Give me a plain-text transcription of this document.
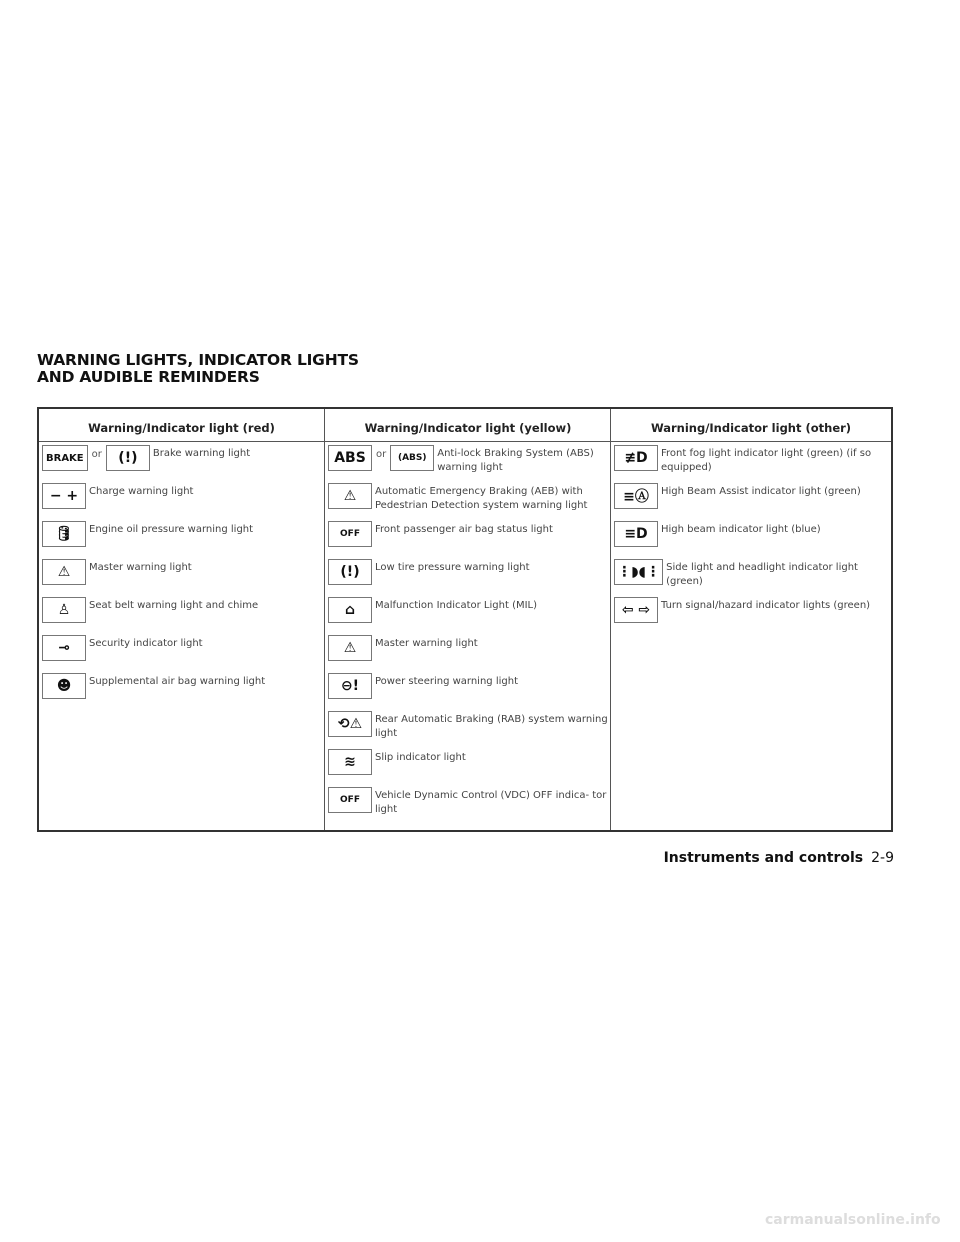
WARNING LIGHTS, INDICATOR LIGHTS
AND AUDIBLE REMINDERS
Warning/Indicator light (red)
BRAKE or	(!)	Brake warning light
− +	Charge warning light
🛢	Engine oil pressure warning light
⚠	Master warning light
♙	Seat belt warning light and chime
⊸	Security indicator light
☻	Supplemental air bag warning light
Warning/Indicator light (yellow)
ABS	or	(ABS)	Anti-lock Braking System (ABS) warning light
⚠	Automatic Emergency Braking (AEB) with Pedestrian Detection system warning light
OFF	Front passenger air bag status light
(!)	Low tire pressure warning light
⌂	Malfunction Indicator Light (MIL)
⚠	Master warning light
⊖!	Power steering warning light
⟲⚠	Rear Automatic Braking (RAB) system warning light
≋	Slip indicator light
OFF	Vehicle Dynamic Control (VDC) OFF indica- tor light
Warning/Indicator light (other)
≢D	Front fog light indicator light (green) (if so equipped)
≡Ⓐ	High Beam Assist indicator light (green)
≡D	High beam indicator light (blue)
⋮◗◖⋮ Side light and headlight indicator light (green)
⇦ ⇨	Turn signal/hazard indicator lights (green)
Instruments and controls 2-9
carmanualsonline.info
